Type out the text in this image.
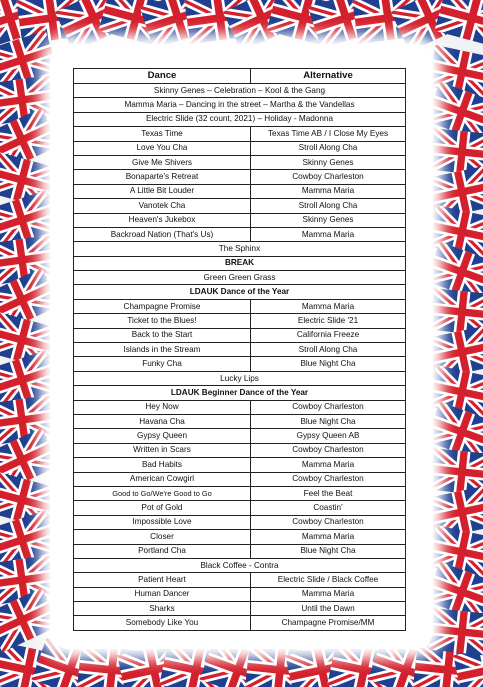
Dance	Alternative
Skinny Genes – Celebration – Kool & the Gang	
Mamma Maria – Dancing in the street – Martha & the Vandellas	
Electric Slide (32 count, 2021) – Holiday - Madonna	
Texas Time	Texas Time AB / I Close My Eyes
Love You Cha	Stroll Along Cha
Give Me Shivers	Skinny Genes
Bonaparte's Retreat	Cowboy Charleston
A Little Bit Louder	Mamma Maria
Vanotek Cha	Stroll Along Cha
Heaven's Jukebox	Skinny Genes
Backroad Nation (That's Us)	Mamma Maria
The Sphinx	
BREAK	
Green Green Grass	
LDAUK Dance of the Year	
Champagne Promise	Mamma Maria
Ticket to the Blues!	Electric Slide '21
Back to the Start	California Freeze
Islands in the Stream	Stroll Along Cha
Funky Cha	Blue Night Cha
Lucky Lips	
LDAUK Beginner Dance of the Year	
Hey Now	Cowboy Charleston
Havana Cha	Blue Night Cha
Gypsy Queen	Gypsy Queen AB
Written in Scars	Cowboy Charleston
Bad Habits	Mamma Maria
American Cowgirl	Cowboy Charleston
Good to Go/We're Good to Go	Feel the Beat
Pot of Gold	Coastin'
Impossible Love	Cowboy Charleston
Closer	Mamma Maria
Portland Cha	Blue Night Cha
Black Coffee - Contra	
Patient Heart	Electric Slide / Black Coffee
Human Dancer	Mamma Maria
Sharks	Until the Dawn
Somebody Like You	Champagne Promise/MM
